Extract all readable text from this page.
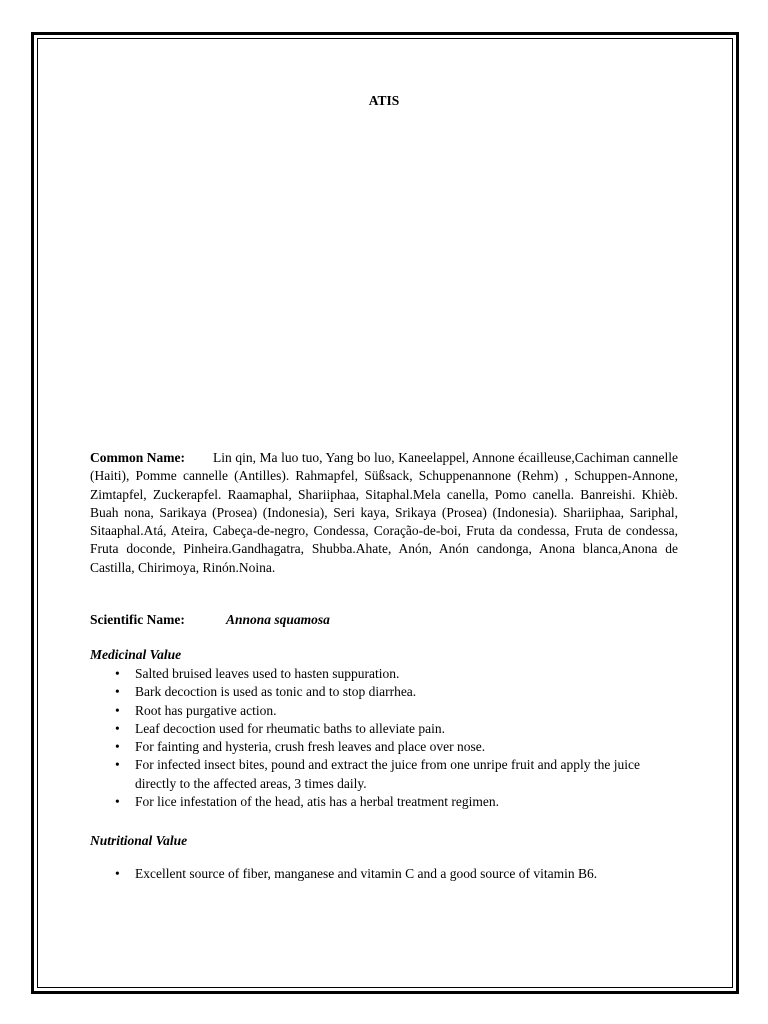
ATIS
Common Name: Lin qin, Ma luo tuo, Yang bo luo, Kaneelappel, Annone écailleuse,Cachiman cannelle (Haiti), Pomme cannelle (Antilles). Rahmapfel, Süßsack, Schuppenannone (Rehm) , Schuppen-Annone, Zimtapfel, Zuckerapfel. Raamaphal, Shariiphaa, Sitaphal.Mela canella, Pomo canella. Banreishi. Khièb. Buah nona, Sarikaya (Prosea) (Indonesia), Seri kaya, Srikaya (Prosea) (Indonesia). Shariiphaa, Sariphal, Sitaaphal.Atá, Ateira, Cabeça-de-negro, Condessa, Coração-de-boi, Fruta da condessa, Fruta de condessa, Fruta doconde, Pinheira.Gandhagatra, Shubba.Ahate, Anón, Anón candonga, Anona blanca,Anona de Castilla, Chirimoya, Rinón.Noina.
Scientific Name:	Annona squamosa
Medicinal Value
• Salted bruised leaves used to hasten suppuration.
• Bark decoction is used as tonic and to stop diarrhea.
• Root has purgative action.
• Leaf decoction used for rheumatic baths to alleviate pain.
• For fainting and hysteria, crush fresh leaves and place over nose.
• For infected insect bites, pound and extract the juice from one unripe fruit and apply the juice directly to the affected areas, 3 times daily.
• For lice infestation of the head, atis has a herbal treatment regimen.
Nutritional Value
• Excellent source of fiber, manganese and vitamin C and a good source of vitamin B6.
